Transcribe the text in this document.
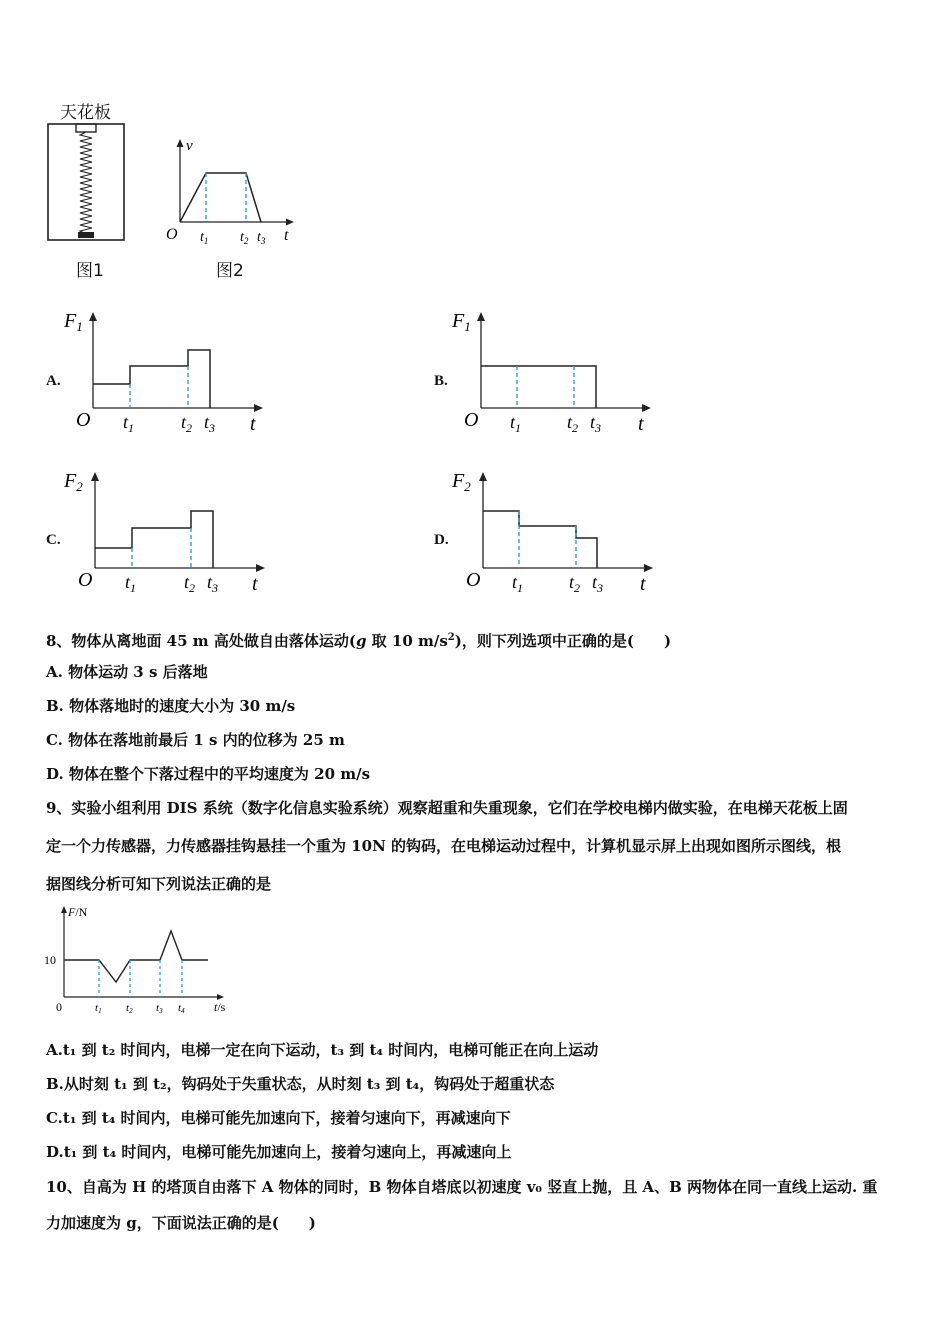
天花板
图1
v
O $t_1$ $t_2$ $t_3$ t
图2
A.
$F_1$
O $t_1$	$t_2$ $t_3$ t
B.
$F_1$
O $t_1$	$t_2$ $t_3$ t
C.
$F_2$
O $t_1$	$t_2$ $t_3$ t
D.
$F_2$
O $t_1$	$t_2$ $t_3$ t
8、物体从离地面 45 m 高处做自由落体运动(g 取 10 $m/s^2$)，则下列选项中正确的是(　　)
A. 物体运动 3 s 后落地
B. 物体落地时的速度大小为 30 m/s
C. 物体在落地前最后 1 s 内的位移为 25 m
D. 物体在整个下落过程中的平均速度为 20 m/s
9、实验小组利用 DIS 系统（数字化信息实验系统）观察超重和失重现象，它们在学校电梯内做实验，在电梯天花板上固
定一个力传感器，力传感器挂钩悬挂一个重为 10N 的钩码，在电梯运动过程中，计算机显示屏上出现如图所示图线，根
据图线分析可知下列说法正确的是
F/N
10
0	t1 t2 t3 t4 t/s
A.t₁ 到 t₂ 时间内，电梯一定在向下运动，t₃ 到 t₄ 时间内，电梯可能正在向上运动
B.从时刻 t₁ 到 t₂，钩码处于失重状态，从时刻 t₃ 到 t₄，钩码处于超重状态
C.t₁ 到 t₄ 时间内，电梯可能先加速向下，接着匀速向下，再减速向下
D.t₁ 到 t₄ 时间内，电梯可能先加速向上，接着匀速向上，再减速向上
10、自高为 H 的塔顶自由落下 A 物体的同时，B 物体自塔底以初速度 v₀ 竖直上抛，且 A、B 两物体在同一直线上运动. 重
力加速度为 g，下面说法正确的是(　　)
